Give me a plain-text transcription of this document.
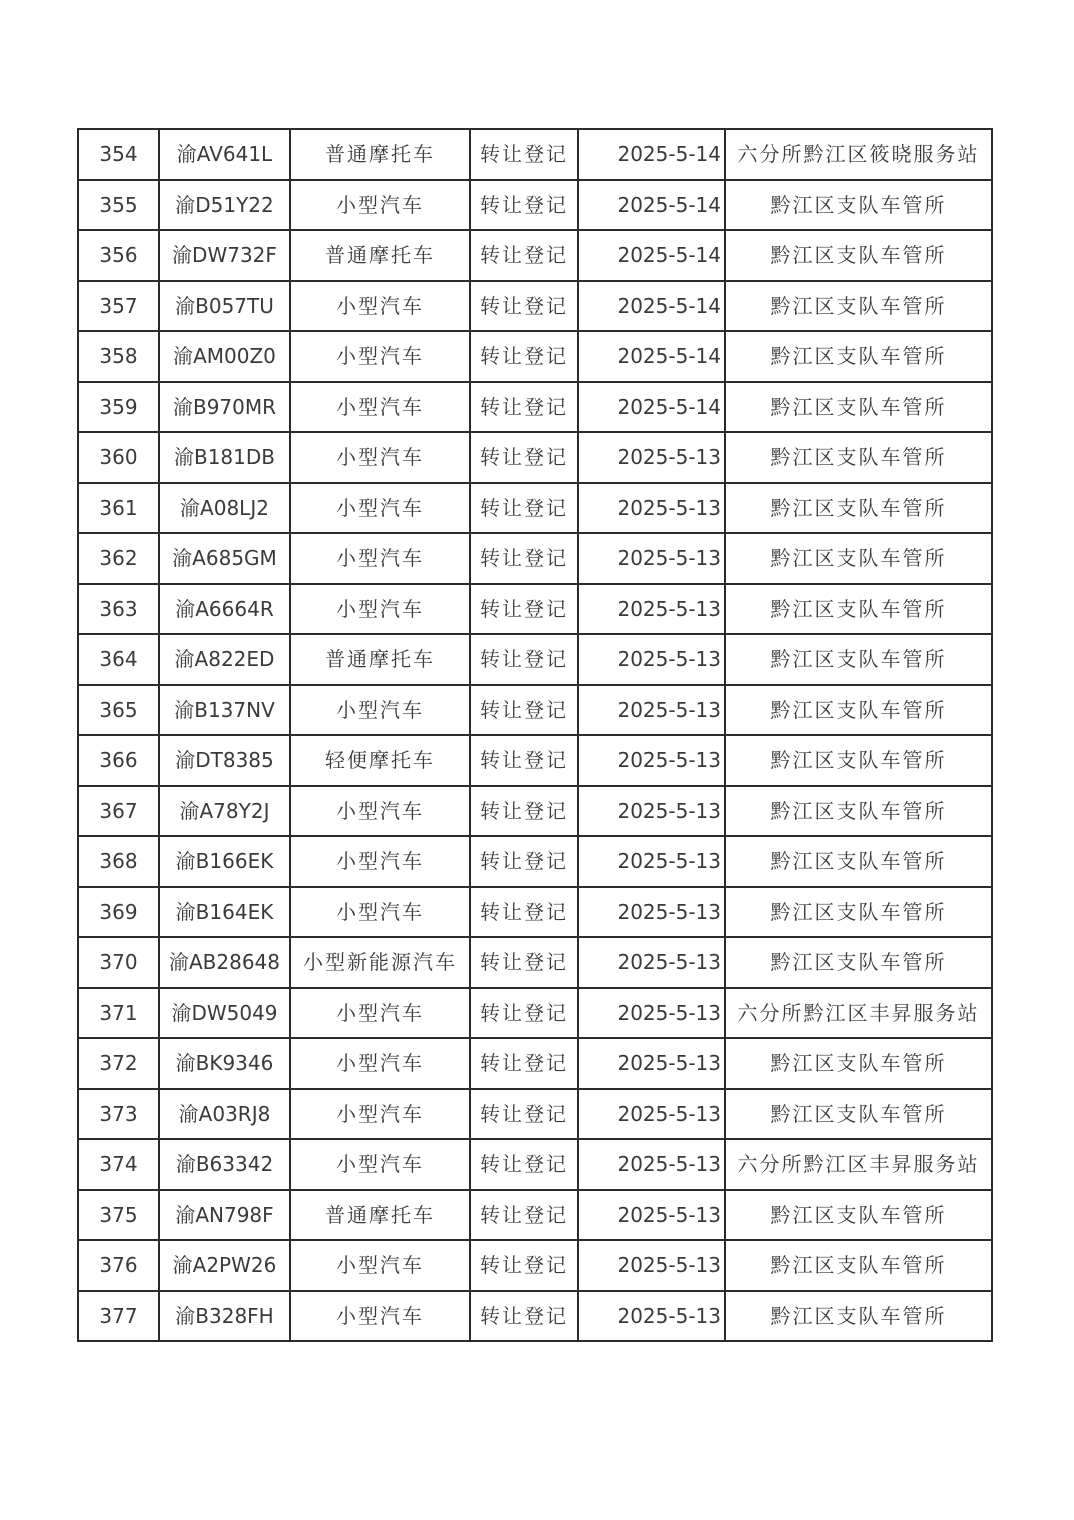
354	渝AV641L	普通摩托车	转让登记	2025-5-14	六分所黔江区筱晓服务站
355	渝D51Y22	小型汽车	转让登记	2025-5-14	黔江区支队车管所
356	渝DW732F	普通摩托车	转让登记	2025-5-14	黔江区支队车管所
357	渝B057TU	小型汽车	转让登记	2025-5-14	黔江区支队车管所
358	渝AM00Z0	小型汽车	转让登记	2025-5-14	黔江区支队车管所
359	渝B970MR	小型汽车	转让登记	2025-5-14	黔江区支队车管所
360	渝B181DB	小型汽车	转让登记	2025-5-13	黔江区支队车管所
361	渝A08LJ2	小型汽车	转让登记	2025-5-13	黔江区支队车管所
362	渝A685GM	小型汽车	转让登记	2025-5-13	黔江区支队车管所
363	渝A6664R	小型汽车	转让登记	2025-5-13	黔江区支队车管所
364	渝A822ED	普通摩托车	转让登记	2025-5-13	黔江区支队车管所
365	渝B137NV	小型汽车	转让登记	2025-5-13	黔江区支队车管所
366	渝DT8385	轻便摩托车	转让登记	2025-5-13	黔江区支队车管所
367	渝A78Y2J	小型汽车	转让登记	2025-5-13	黔江区支队车管所
368	渝B166EK	小型汽车	转让登记	2025-5-13	黔江区支队车管所
369	渝B164EK	小型汽车	转让登记	2025-5-13	黔江区支队车管所
370	渝AB28648	小型新能源汽车	转让登记	2025-5-13	黔江区支队车管所
371	渝DW5049	小型汽车	转让登记	2025-5-13	六分所黔江区丰昇服务站
372	渝BK9346	小型汽车	转让登记	2025-5-13	黔江区支队车管所
373	渝A03RJ8	小型汽车	转让登记	2025-5-13	黔江区支队车管所
374	渝B63342	小型汽车	转让登记	2025-5-13	六分所黔江区丰昇服务站
375	渝AN798F	普通摩托车	转让登记	2025-5-13	黔江区支队车管所
376	渝A2PW26	小型汽车	转让登记	2025-5-13	黔江区支队车管所
377	渝B328FH	小型汽车	转让登记	2025-5-13	黔江区支队车管所
